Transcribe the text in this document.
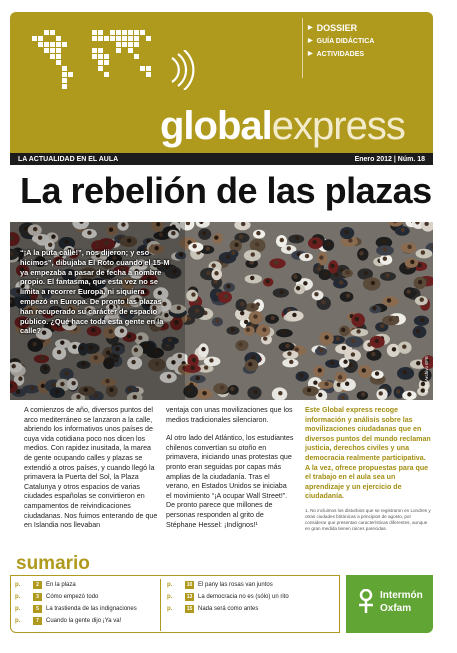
▶ DOSSIER
▶ GUÍA DIDÁCTICA
▶ ACTIVIDADES
globalexpress
LA ACTUALIDAD EN EL AULA	Enero 2012 | Núm. 18
La rebelión de las plazas
“¡A la puta calle!”, nos dijeron; y eso hicimos”, dibujaba El Roto cuando el 15-M ya empezaba a pasar de fecha a nombre propio. El fantasma, que esta vez no se limita a recorrer Europa, ni siquiera empezó en Europa. De pronto las plazas han recuperado su carácter de espacio público. ¿Qué hace toda esta gente en la calle?
Foto: Archivo EFE
A comienzos de año, diversos puntos del arco mediterráneo se lanzaron a la calle, abriendo los informativos unos países de cuya vida cotidiana poco nos dicen los medios. Con rapidez inusitada, la marea de gente ocupando calles y plazas se extendió a otros países, y cuando llegó la primavera la Puerta del Sol, la Plaza Catalunya y otros espacios de varias ciudades españolas se convirtieron en campamentos de reivindicaciones ciudadanas. Nos fuimos enterando de que en Islandia nos llevaban

ventaja con unas movilizaciones que los medios tradicionales silenciaron.

Al otro lado del Atlántico, los estudiantes chilenos convertían su otoño en primavera, iniciando unas protestas que pronto eran seguidas por capas más amplias de la ciudadanía. Tras el verano, en Estados Unidos se iniciaba el movimiento “¡A ocupar Wall Street!”. De pronto parece que millones de personas responden al grito de Stéphane Hessel: ¡Indígnos!¹

Este Global express recoge información y análisis sobre las movilizaciones ciudadanas que en diversos puntos del mundo reclaman justicia, derechos civiles y una democracia realmente participativa. A la vez, ofrece propuestas para que el trabajo en el aula sea un aprendizaje y un ejercicio de ciudadanía.

1. No incluimos los disturbios que se registraron en Londres y otras ciudades británicas a principios de agosto, por considerar que presentan características diferentes, aunque en gran medida tienen raíces parecidas.

sumario
p.	2	En la plaza
p.	3	Cómo empezó todo
p.	5	La trastienda de las indignaciones
p.	7	Cuando la gente dijo ¡Ya va!
p.	10 El pany las rosas van juntos
p.	13 La democracia no es (sólo) un rito
p.	15 Nada será como antes
Intermón
Oxfam
